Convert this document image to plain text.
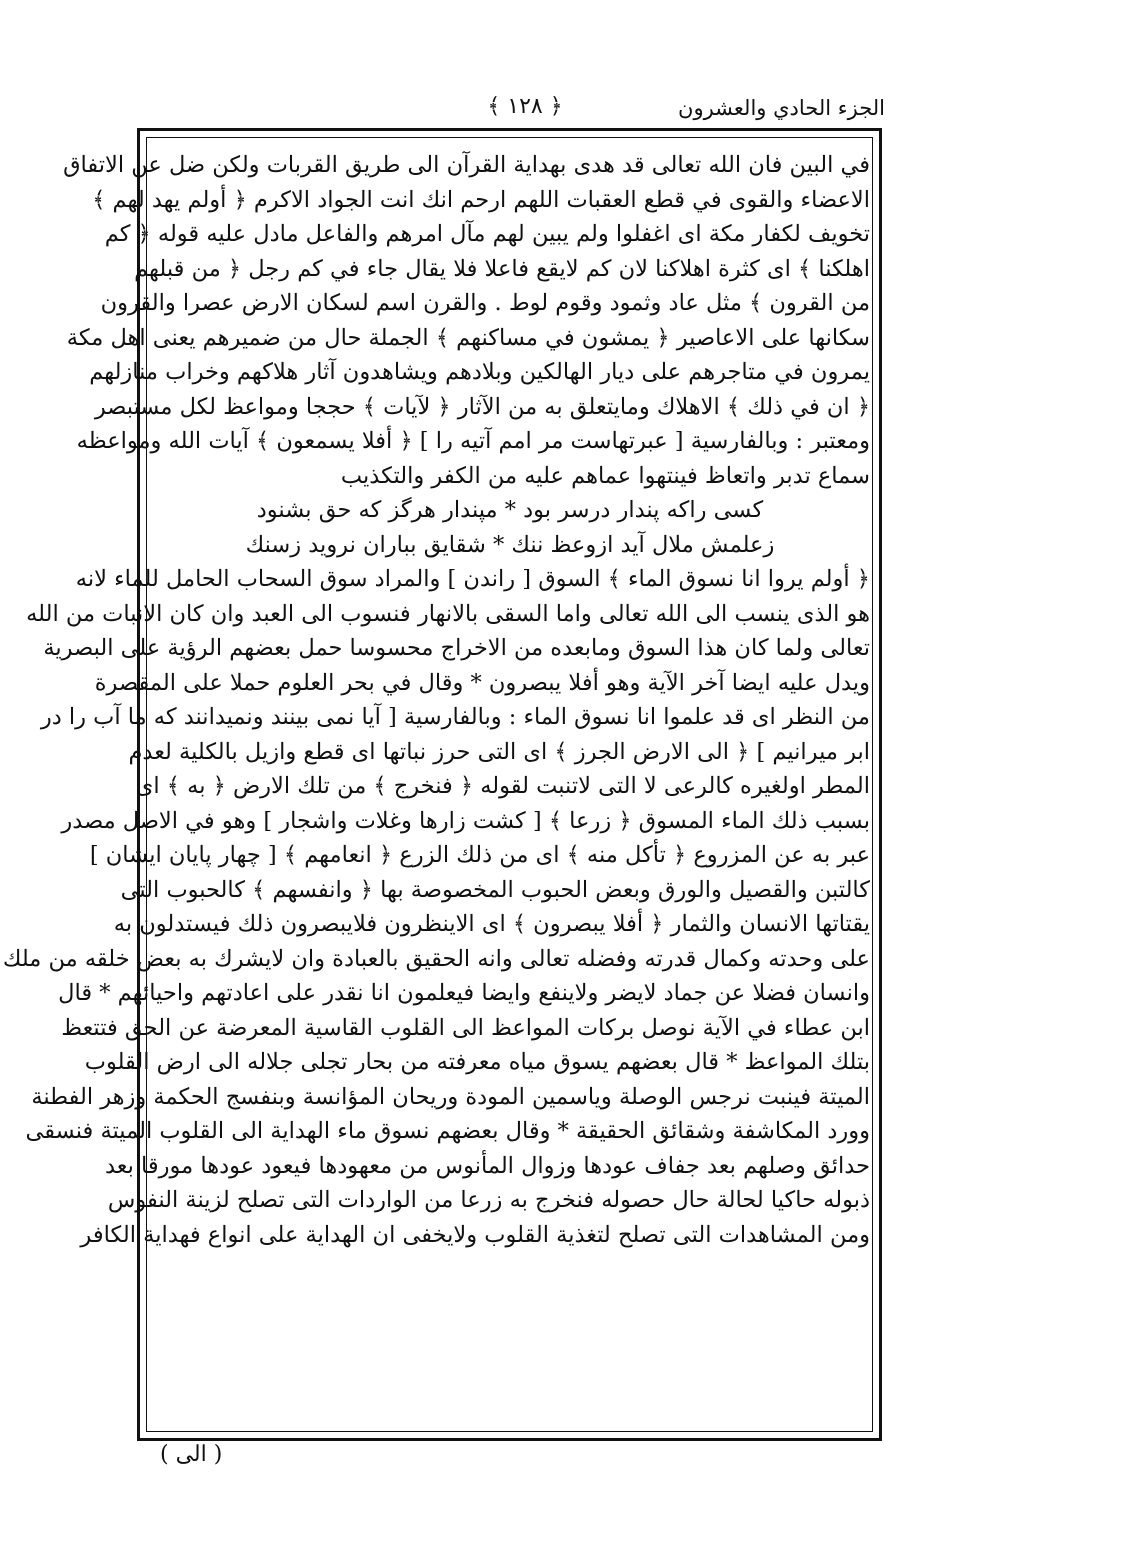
﴿ ١٢٨ ﴾	الجزء الحادي والعشرون
في البين فان الله تعالى قد هدى بهداية القرآن الى طريق القربات ولكن ضل عن الاتفاق
الاعضاء والقوى في قطع العقبات اللهم ارحم انك انت الجواد الاكرم ﴿ أولم يهد لهم ﴾
تخويف لكفار مكة اى اغفلوا ولم يبين لهم مآل امرهم والفاعل مادل عليه قوله ﴿ كم
اهلكنا ﴾ اى كثرة اهلاكنا لان كم لايقع فاعلا فلا يقال جاء في كم رجل ﴿ من قبلهم
من القرون ﴾ مثل عاد وثمود وقوم لوط . والقرن اسم لسكان الارض عصرا والقرون
سكانها على الاعاصير ﴿ يمشون في مساكنهم ﴾ الجملة حال من ضميرهم يعنى اهل مكة
يمرون في متاجرهم على ديار الهالكين وبلادهم ويشاهدون آثار هلاكهم وخراب منازلهم
﴿ ان في ذلك ﴾ الاهلاك ومايتعلق به من الآثار ﴿ لآيات ﴾ حججا ومواعظ لكل مستبصر
ومعتبر : وبالفارسية [ عبرتهاست مر امم آتيه را ] ﴿ أفلا يسمعون ﴾ آيات الله ومواعظه
سماع تدبر واتعاظ فينتهوا عماهم عليه من الكفر والتكذيب
كسى راكه پندار درسر بود * مپندار هرگز كه حق بشنود
زعلمش ملال آيد ازوعظ ننك * شقايق بباران نرويد زسنك
﴿ أولم يروا انا نسوق الماء ﴾ السوق [ راندن ] والمراد سوق السحاب الحامل للماء لانه
هو الذى ينسب الى الله تعالى واما السقى بالانهار فنسوب الى العبد وان كان الانبات من الله
تعالى ولما كان هذا السوق ومابعده من الاخراج محسوسا حمل بعضهم الرؤية على البصرية
ويدل عليه ايضا آخر الآية وهو أفلا يبصرون * وقال في بحر العلوم حملا على المقصرة
من النظر اى قد علموا انا نسوق الماء : وبالفارسية [ آيا نمى بينند ونميدانند كه ما آب را در
ابر ميرانيم ] ﴿ الى الارض الجرز ﴾ اى التى حرز نباتها اى قطع وازيل بالكلية لعدم
المطر اولغيره كالرعى لا التى لاتنبت لقوله ﴿ فنخرج ﴾ من تلك الارض ﴿ به ﴾ اى
بسبب ذلك الماء المسوق ﴿ زرعا ﴾ [ كشت زارها وغلات واشجار ] وهو في الاصل مصدر
عبر به عن المزروع ﴿ تأكل منه ﴾ اى من ذلك الزرع ﴿ انعامهم ﴾ [ چهار پايان ايشان ]
كالتبن والقصيل والورق وبعض الحبوب المخصوصة بها ﴿ وانفسهم ﴾ كالحبوب التى
يقتاتها الانسان والثمار ﴿ أفلا يبصرون ﴾ اى الاينظرون فلايبصرون ذلك فيستدلون به
على وحدته وكمال قدرته وفضله تعالى وانه الحقيق بالعبادة وان لايشرك به بعض خلقه من ملك
وانسان فضلا عن جماد لايضر ولاينفع وايضا فيعلمون انا نقدر على اعادتهم واحيائهم * قال
ابن عطاء في الآية نوصل بركات المواعظ الى القلوب القاسية المعرضة عن الحق فتتعظ
بتلك المواعظ * قال بعضهم يسوق مياه معرفته من بحار تجلى جلاله الى ارض القلوب
الميتة فينبت نرجس الوصلة وياسمين المودة وريحان المؤانسة وبنفسج الحكمة وزهر الفطنة
وورد المكاشفة وشقائق الحقيقة * وقال بعضهم نسوق ماء الهداية الى القلوب الميتة فنسقى
حدائق وصلهم بعد جفاف عودها وزوال المأنوس من معهودها فيعود عودها مورقا بعد
ذبوله حاكيا لحالة حال حصوله فنخرج به زرعا من الواردات التى تصلح لزينة النفوس
ومن المشاهدات التى تصلح لتغذية القلوب ولايخفى ان الهداية على انواع فهداية الكافر
( الى )
